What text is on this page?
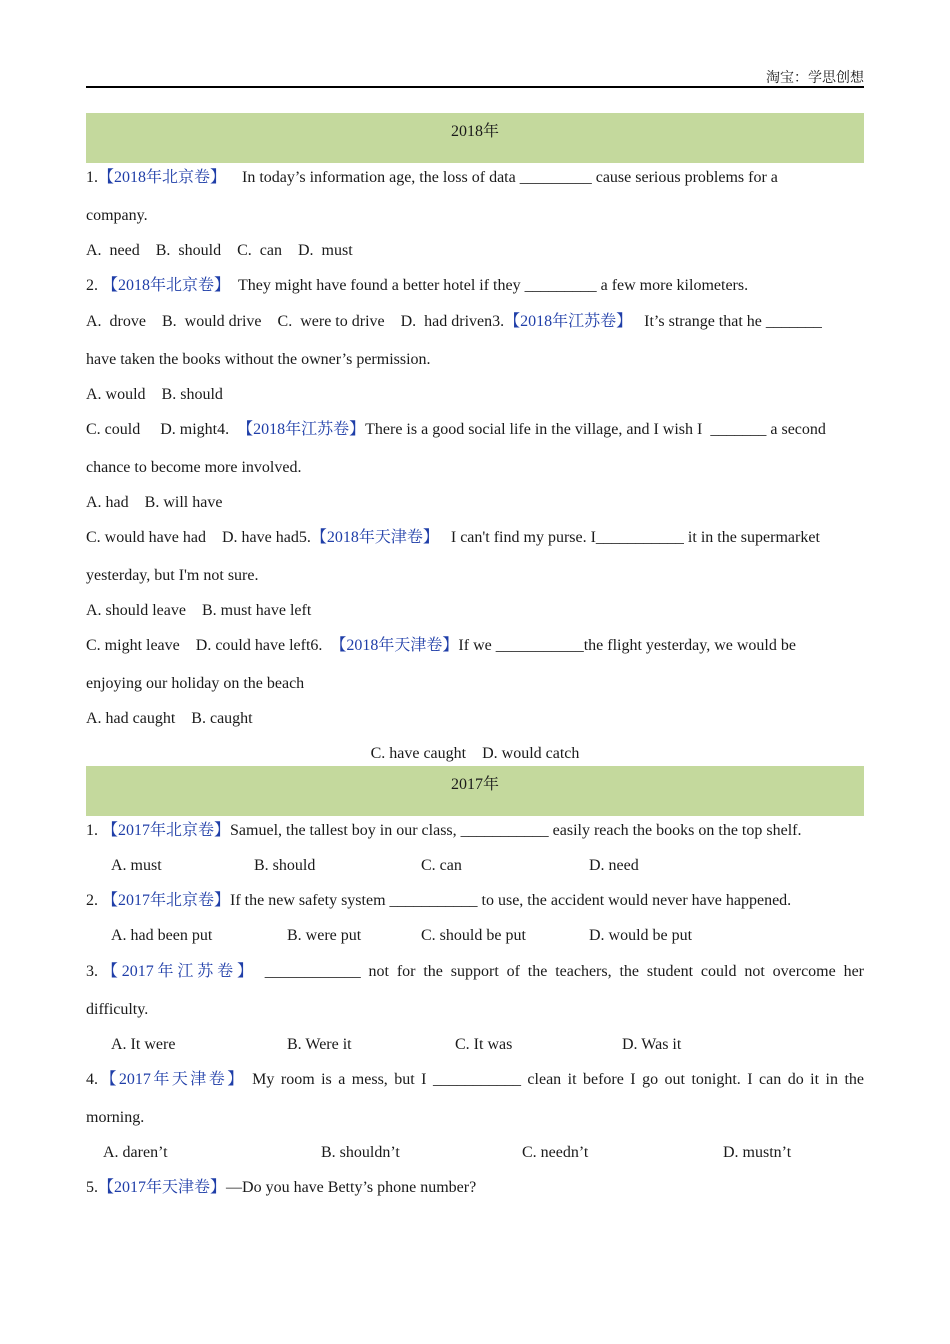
淘宝：学思创想
2018年
1.【2018年北京卷】 In today’s information age, the loss of data _________ cause serious problems for a
company.
A.  need    B.  should    C.  can    D.  must
2. 【2018年北京卷】 They might have found a better hotel if they _________ a few more kilometers.
A.  drove    B.  would drive    C.  were to drive    D.  had driven3.【2018年江苏卷】 It’s strange that he _______
have taken the books without the owner’s permission.
A. would    B. should
C. could     D. might4. 【2018年江苏卷】There is a good social life in the village, and I wish I  _______ a second
chance to become more involved.
A. had    B. will have
C. would have had    D. have had5.【2018年天津卷】 I can't find my purse. I___________ it in the supermarket
yesterday, but I'm not sure.
A. should leave    B. must have left
C. might leave    D. could have left6. 【2018年天津卷】If we ___________the flight yesterday, we would be
enjoying our holiday on the beach
A. had caught    B. caught
C. have caught    D. would catch
2017年
1. 【2017年北京卷】Samuel, the tallest boy in our class, ___________ easily reach the books on the top shelf.
A. must	B. should	C. can	D. need
2. 【2017年北京卷】If the new safety system ___________ to use, the accident would never have happened.
A. had been put	B. were put	C. should be put	D. would be put
3.【2017年江苏卷】 ____________ not for the support of the teachers, the student could not overcome her
difficulty.
A. It were	B. Were it	C. It was	D. Was it
4.【2017年天津卷】 My room is a mess, but I ___________ clean it before I go out tonight. I can do it in the
morning.
A. daren’t	B. shouldn’t	C. needn’t	D. mustn’t
5.【2017年天津卷】—Do you have Betty’s phone number?
